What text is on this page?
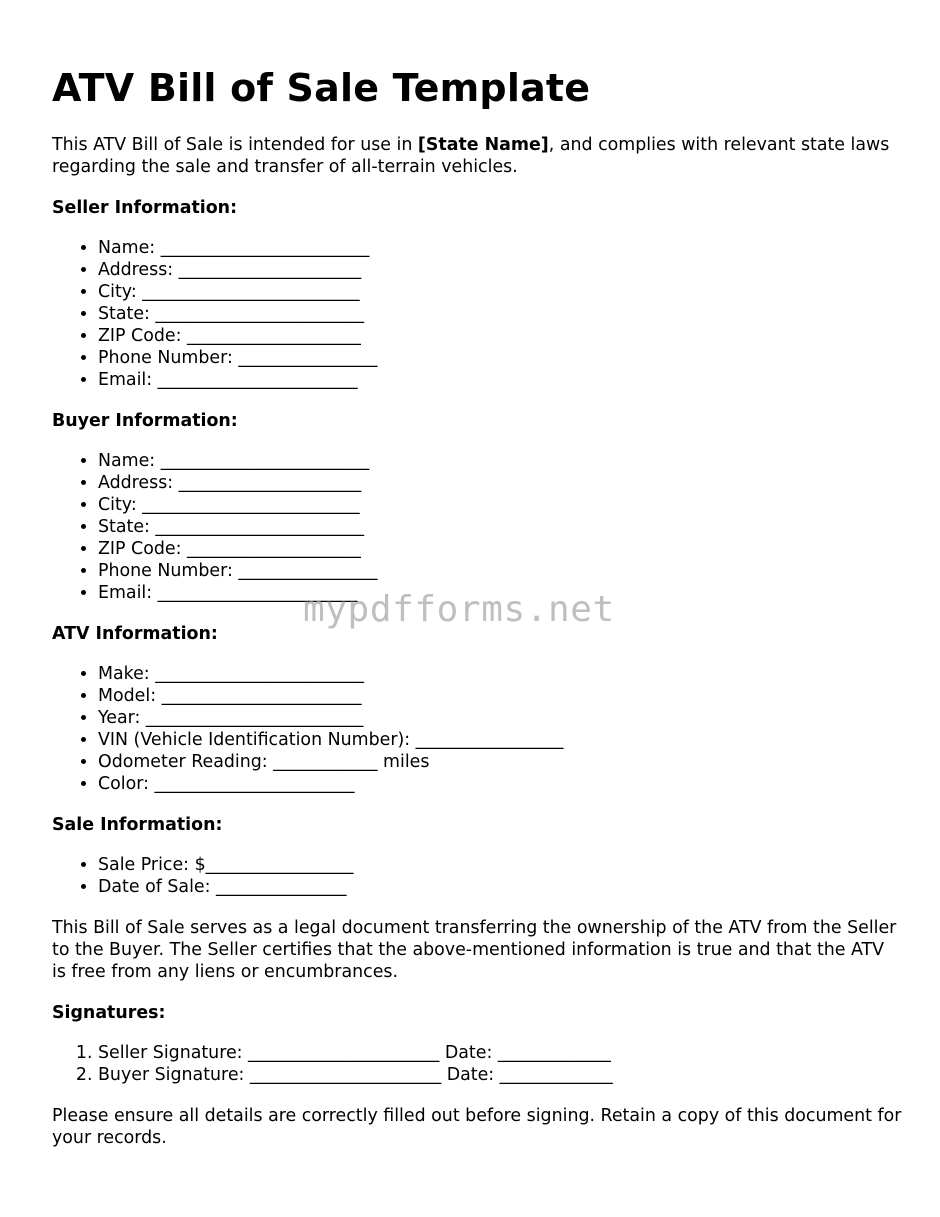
ATV Bill of Sale Template

This ATV Bill of Sale is intended for use in [State Name], and complies with relevant state laws regarding the sale and transfer of all-terrain vehicles.

Seller Information:
• Name: ________________________
• Address: _____________________
• City: _________________________
• State: ________________________
• ZIP Code: ____________________
• Phone Number: ________________
• Email: _______________________
Buyer Information:
• Name: ________________________
• Address: _____________________
• City: _________________________
• State: ________________________
• ZIP Code: ____________________
• Phone Number: ________________
• Email: _______________________
ATV Information:
• Make: ________________________
• Model: _______________________
• Year: _________________________
• VIN (Vehicle Identification Number): _________________
• Odometer Reading: ____________ miles
• Color: _______________________
Sale Information:
• Sale Price: $_________________
• Date of Sale: _______________

This Bill of Sale serves as a legal document transferring the ownership of the ATV from the Seller to the Buyer. The Seller certifies that the above-mentioned information is true and that the ATV is free from any liens or encumbrances.

Signatures:
1. Seller Signature: ______________________ Date: _____________
2. Buyer Signature: ______________________ Date: _____________

Please ensure all details are correctly filled out before signing. Retain a copy of this document for your records.

mypdfforms.net
